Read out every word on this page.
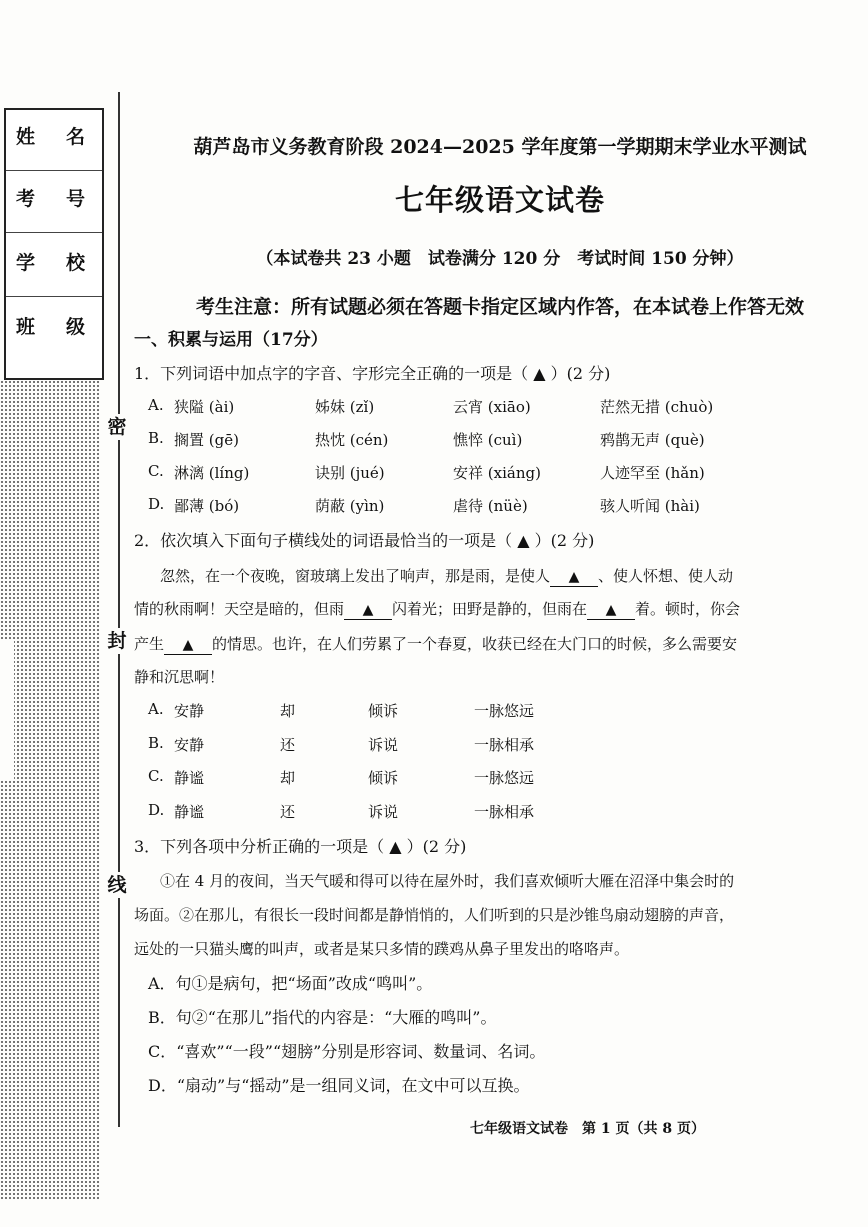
姓 名
考 号
学 校
班 级
密
封
线
葫芦岛市义务教育阶段 2024—2025 学年度第一学期期末学业水平测试
七年级语文试卷
（本试卷共 23 小题　试卷满分 120 分　考试时间 150 分钟）
考生注意：所有试题必须在答题卡指定区域内作答，在本试卷上作答无效
一、积累与运用（17分）
1．下列词语中加点字的字音、字形完全正确的一项是（ ▲ ）(2 分)
A. 狭隘 (ài)	姊妹 (zǐ)	云宵 (xiāo)	茫然无措 (chuò)
B. 搁置 (gē)	热忱 (cén)	憔悴 (cuì)	鸦鹊无声 (què)
C. 淋漓 (líng)	诀别 (jué)	安祥 (xiáng)	人迹罕至 (hǎn)
D. 鄙薄 (bó)	荫蔽 (yìn)	虐待 (nüè)	骇人听闻 (hài)
2．依次填入下面句子横线处的词语最恰当的一项是（ ▲ ）(2 分)
忽然，在一个夜晚，窗玻璃上发出了响声，那是雨，是使人 ▲ 、使人怀想、使人动
情的秋雨啊！天空是暗的，但雨 ▲ 闪着光；田野是静的，但雨在 ▲ 着。顿时，你会
产生 ▲ 的情思。也许，在人们劳累了一个春夏，收获已经在大门口的时候，多么需要安
静和沉思啊！
A. 安静	却	倾诉	一脉悠远
B. 安静	还	诉说	一脉相承
C. 静谧	却	倾诉	一脉悠远
D. 静谧	还	诉说	一脉相承
3．下列各项中分析正确的一项是（ ▲ ）(2 分)
①在 4 月的夜间，当天气暖和得可以待在屋外时，我们喜欢倾听大雁在沼泽中集会时的
场面。②在那儿，有很长一段时间都是静悄悄的，人们听到的只是沙锥鸟扇动翅膀的声音，
远处的一只猫头鹰的叫声，或者是某只多情的蹼鸡从鼻子里发出的咯咯声。
A．句①是病句，把“场面”改成“鸣叫”。
B．句②“在那儿”指代的内容是：“大雁的鸣叫”。
C．“喜欢”“一段”“翅膀”分别是形容词、数量词、名词。
D．“扇动”与“摇动”是一组同义词，在文中可以互换。
七年级语文试卷　第 1 页（共 8 页）
